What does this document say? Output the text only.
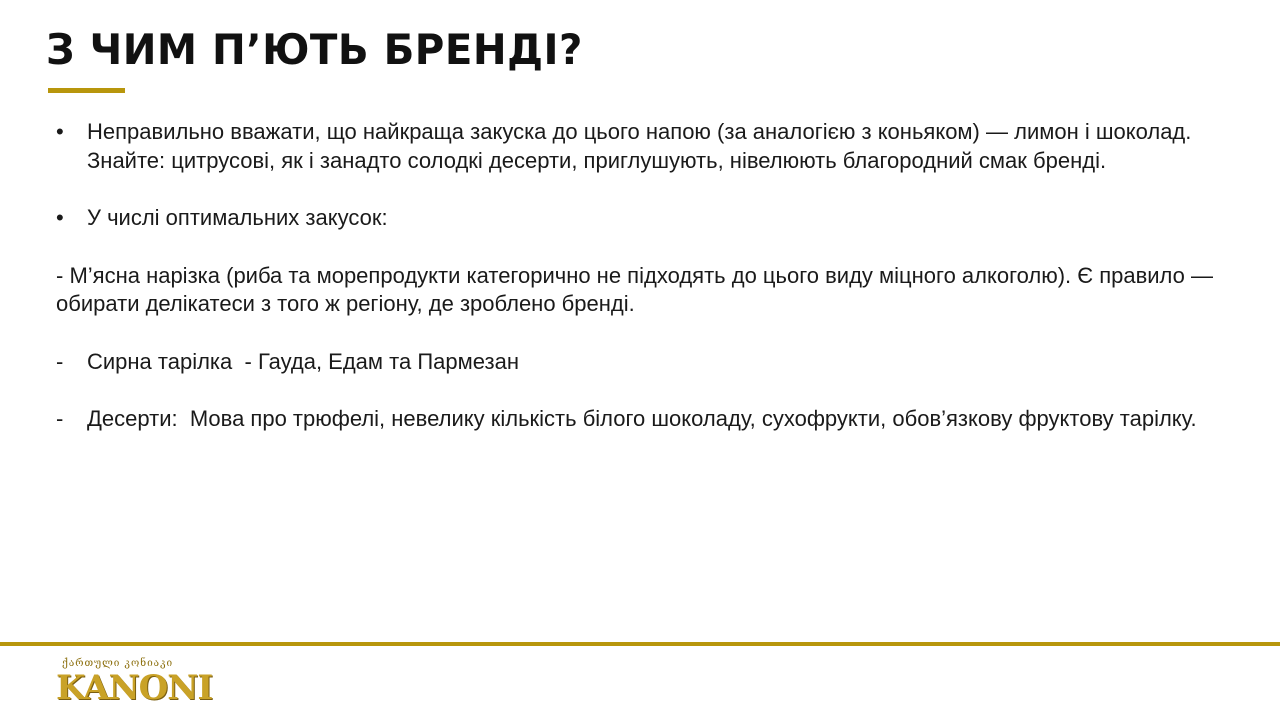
З ЧИМ П’ЮТЬ БРЕНДІ?
•	Неправильно вважати, що найкраща закуска до цього напою (за аналогією з коньяком) — лимон і шоколад. Знайте: цитрусові, як і занадто солодкі десерти, приглушують, нівелюють благородний смак бренді.
•	У числі оптимальних закусок:
- М’ясна нарізка (риба та морепродукти категорично не підходять до цього виду міцного алкоголю). Є правило — обирати делікатеси з того ж регіону, де зроблено бренді.
-	Сирна тарілка  - Гауда, Едам та Пармезан
-	Десерти:  Мова про трюфелі, невелику кількість білого шоколаду, сухофрукти, обов’язкову фруктову тарілку.
ქართული კონიაკი
KANONI
